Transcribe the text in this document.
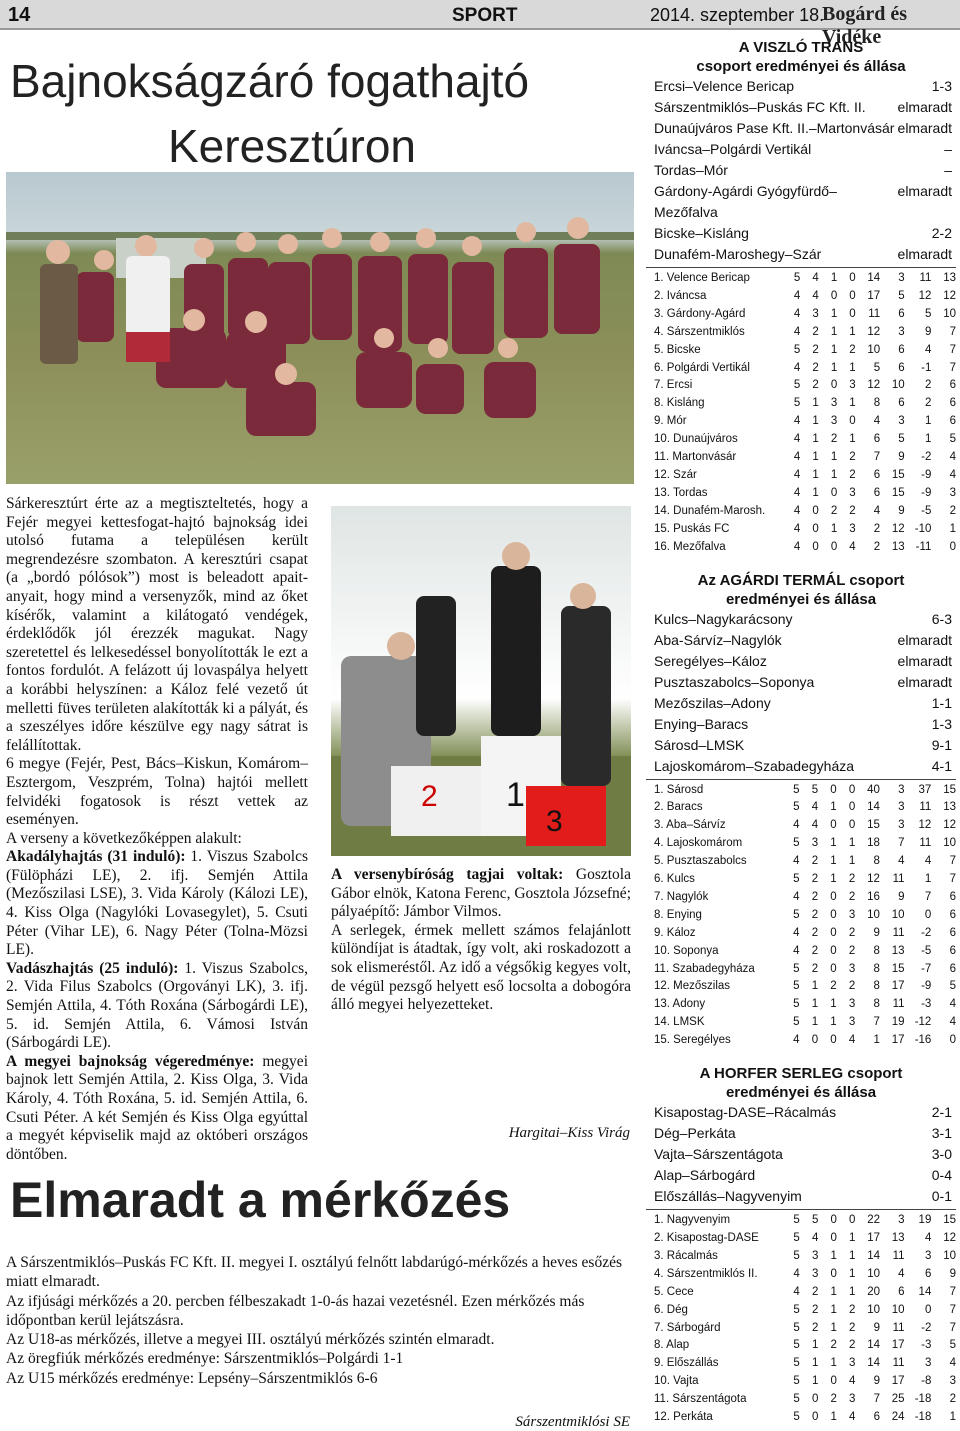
14	SPORT	2014. szeptember 18.
Bogárd és Vidéke
Bajnokságzáró fogathajtó
Keresztúron
1
2
3

Sárkeresztúrt érte az a megtiszteltetés, hogy a Fejér megyei kettesfogat-hajtó bajnokság idei utolsó futama a településen került megrendezésre szombaton. A keresztúri csapat (a „bordó pólósok”) most is beleadott apait-anyait, hogy mind a versenyzők, mind az őket kísérők, valamint a kilátogató vendégek, érdeklődők jól érezzék magukat. Nagy szeretettel és lelkesedéssel bonyolították le ezt a fontos fordulót. A felázott új lovaspálya helyett a korábbi helyszínen: a Káloz felé vezető út melletti füves területen alakították ki a pályát, és a szeszélyes időre készülve egy nagy sátrat is felállítottak.

6 megye (Fejér, Pest, Bács–Kiskun, Komárom–Esztergom, Veszprém, Tolna) hajtói mellett felvidéki fogatosok is részt vettek az eseményen.

A verseny a következőképpen alakult:

Akadályhajtás (31 induló): 1. Viszus Szabolcs (Fülöpházi LE), 2. ifj. Semjén Attila (Mezőszilasi LSE), 3. Vida Károly (Kálozi LE), 4. Kiss Olga (Nagylóki Lovasegylet), 5. Csuti Péter (Vihar LE), 6. Nagy Péter (Tolna-Mözsi LE).

Vadászhajtás (25 induló): 1. Viszus Szabolcs, 2. Vida Filus Szabolcs (Orgoványi LK), 3. ifj. Semjén Attila, 4. Tóth Roxána (Sárbogárdi LE), 5. id. Semjén Attila, 6. Vámosi István (Sárbogárdi LE).

A megyei bajnokság végeredménye: megyei bajnok lett Semjén Attila, 2. Kiss Olga, 3. Vida Károly, 4. Tóth Roxána, 5. id. Semjén Attila, 6. Csuti Péter. A két Semjén és Kiss Olga egyúttal a megyét képviselik majd az októberi országos döntőben.

A versenybíróság tagjai voltak: Gosztola Gábor elnök, Katona Ferenc, Gosztola Józsefné; pályaépítő: Jámbor Vilmos.

A serlegek, érmek mellett számos felajánlott különdíjat is átadtak, így volt, aki roskadozott a sok elismeréstől. Az idő a végsőkig kegyes volt, de végül pezsgő helyett eső locsolta a dobogóra álló megyei helyezetteket.

Hargitai–Kiss Virág
Elmaradt a mérkőzés

A Sárszentmiklós–Puskás FC Kft. II. megyei I. osztályú felnőtt labdarúgó-mérkőzés a heves esőzés miatt elmaradt.

Az ifjúsági mérkőzés a 20. percben félbeszakadt 1-0-ás hazai vezetésnél. Ezen mérkőzés más időpontban kerül lejátszásra.

Az U18-as mérkőzés, illetve a megyei III. osztályú mérkőzés szintén elmaradt.

Az öregfiúk mérkőzés eredménye: Sárszentmiklós–Polgárdi 1-1

Az U15 mérkőzés eredménye: Lepsény–Sárszentmiklós 6-6

Sárszentmiklósi SE
A VISZLÓ TRANS
csoport eredményei és állása
Ercsi–Velence Bericap	1-3
Sárszentmiklós–Puskás FC Kft. II. elmaradt
Dunaújváros Pase Kft. II.–Martonvásár elmaradt
Iváncsa–Polgárdi Vertikál	–
Tordas–Mór	–
Gárdony-Agárdi Gyógyfürdő–Mezőfalva
elmaradt
Bicske–Kisláng	2-2
Dunafém-Maroshegy–Szár	elmaradt
1. Velence Bericap	5	4	1	0	14	3	11	13
2. Iváncsa	4	4	0	0	17	5	12	12
3. Gárdony-Agárd	4	3	1	0	11	6	5	10
4. Sárszentmiklós	4	2	1	1	12	3	9	7
5. Bicske	5	2	1	2	10	6	4	7
6. Polgárdi Vertikál	4	2	1	1	5	6	-1	7
7. Ercsi	5	2	0	3	12	10	2	6
8. Kisláng	5	1	3	1	8	6	2	6
9. Mór	4	1	3	0	4	3	1	6
10. Dunaújváros	4	1	2	1	6	5	1	5
11. Martonvásár	4	1	1	2	7	9	-2	4
12. Szár	4	1	1	2	6	15	-9	4
13. Tordas	4	1	0	3	6	15	-9	3
14. Dunafém-Marosh.	4	0	2	2	4	9	-5	2
15. Puskás FC	4	0	1	3	2	12	-10	1
16. Mezőfalva	4	0	0	4	2	13	-11	0
Az AGÁRDI TERMÁL csoport
eredményei és állása
Kulcs–Nagykarácsony	6-3
Aba-Sárvíz–Nagylók	elmaradt
Seregélyes–Káloz	elmaradt
Pusztaszabolcs–Soponya	elmaradt
Mezőszilas–Adony	1-1
Enying–Baracs	1-3
Sárosd–LMSK	9-1
Lajoskomárom–Szabadegyháza	4-1
1. Sárosd	5	5	0	0	40	3	37	15
2. Baracs	5	4	1	0	14	3	11	13
3. Aba–Sárvíz	4	4	0	0	15	3	12	12
4. Lajoskomárom	5	3	1	1	18	7	11	10
5. Pusztaszabolcs	4	2	1	1	8	4	4	7
6. Kulcs	5	2	1	2	12	11	1	7
7. Nagylók	4	2	0	2	16	9	7	6
8. Enying	5	2	0	3	10	10	0	6
9. Káloz	4	2	0	2	9	11	-2	6
10. Soponya	4	2	0	2	8	13	-5	6
11. Szabadegyháza	5	2	0	3	8	15	-7	6
12. Mezőszilas	5	1	2	2	8	17	-9	5
13. Adony	5	1	1	3	8	11	-3	4
14. LMSK	5	1	1	3	7	19	-12	4
15. Seregélyes	4	0	0	4	1	17	-16	0
A HORFER SERLEG csoport
eredményei és állása
Kisapostag-DASE–Rácalmás	2-1
Dég–Perkáta	3-1
Vajta–Sárszentágota	3-0
Alap–Sárbogárd	0-4
Előszállás–Nagyvenyim	0-1
1. Nagyvenyim	5	5	0	0	22	3	19	15
2. Kisapostag-DASE	5	4	0	1	17	13	4	12
3. Rácalmás	5	3	1	1	14	11	3	10
4. Sárszentmiklós II.	4	3	0	1	10	4	6	9
5. Cece	4	2	1	1	20	6	14	7
6. Dég	5	2	1	2	10	10	0	7
7. Sárbogárd	5	2	1	2	9	11	-2	7
8. Alap	5	1	2	2	14	17	-3	5
9. Előszállás	5	1	1	3	14	11	3	4
10. Vajta	5	1	0	4	9	17	-8	3
11. Sárszentágota	5	0	2	3	7	25	-18	2
12. Perkáta	5	0	1	4	6	24	-18	1
